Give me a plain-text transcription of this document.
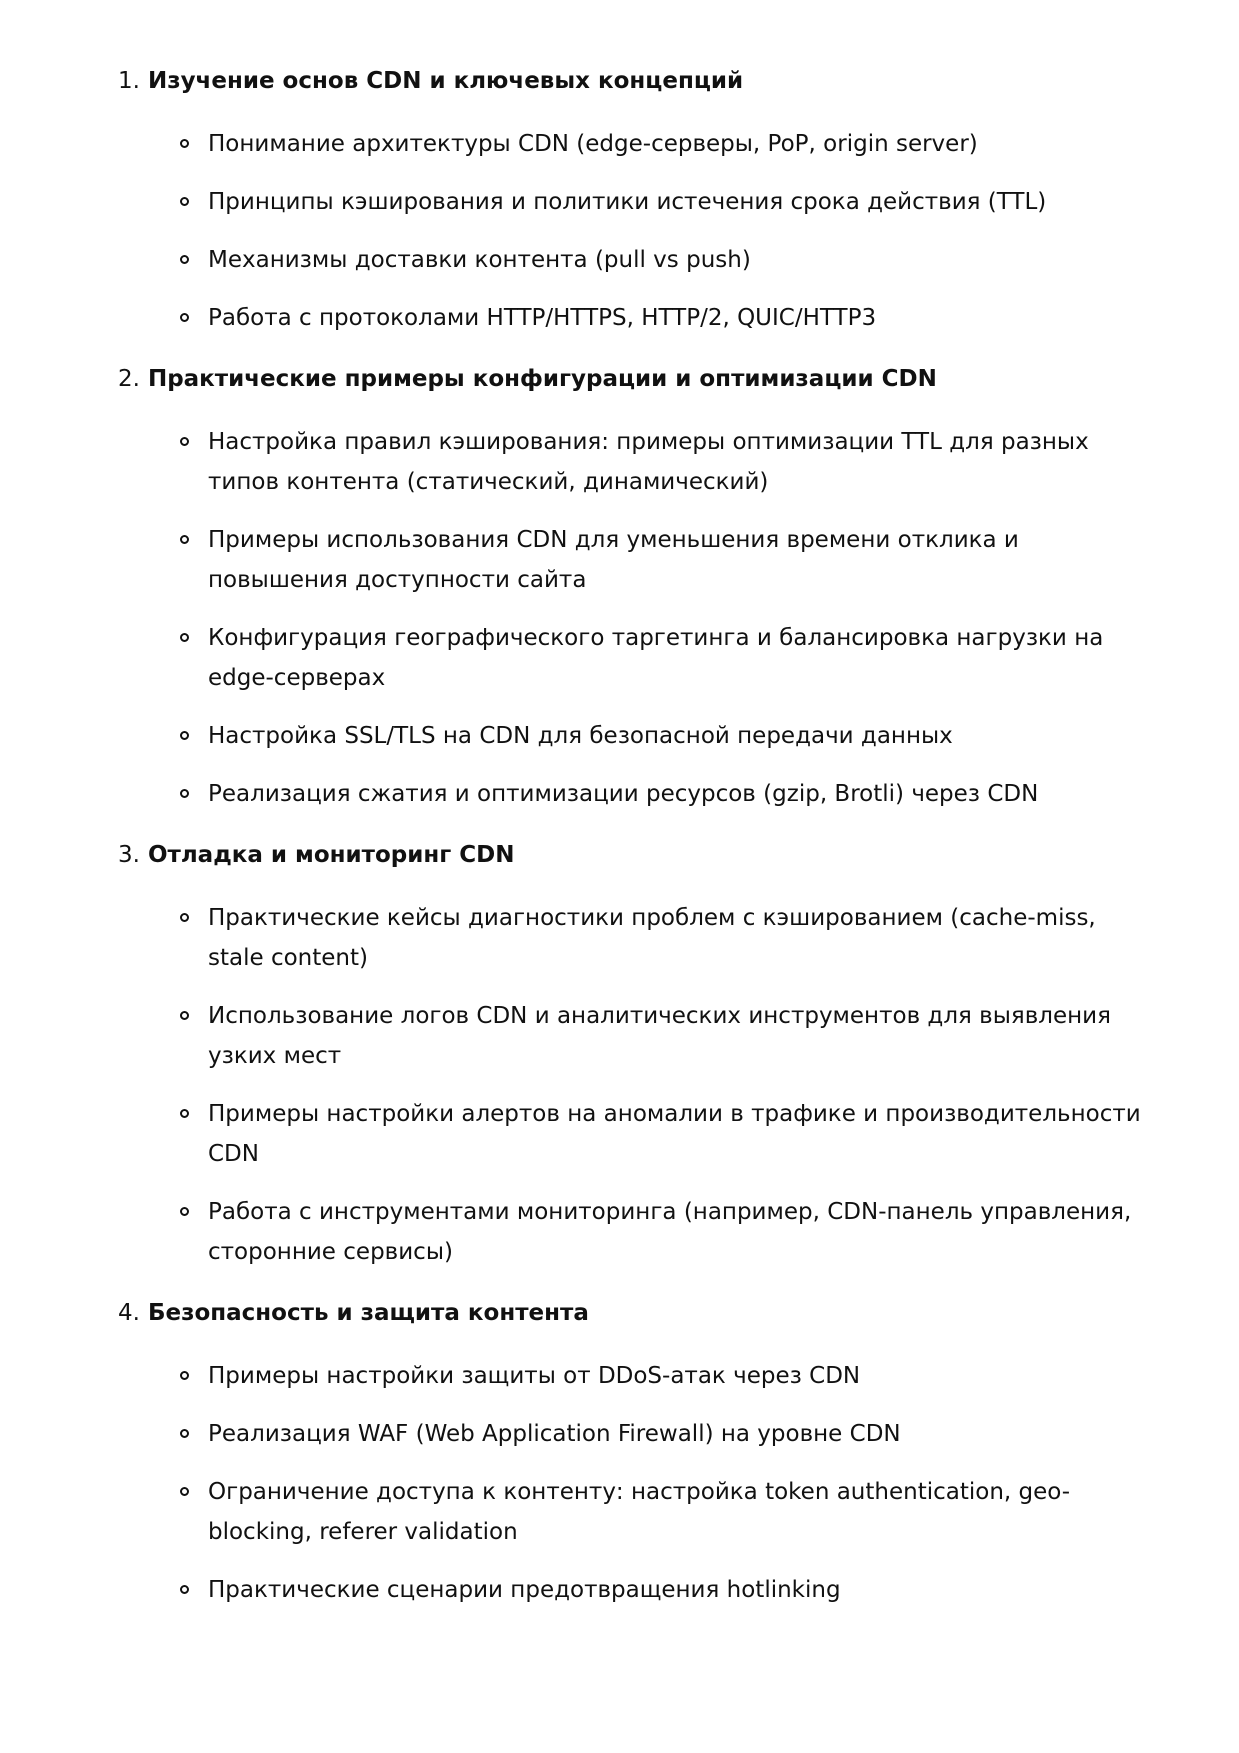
1. Изучение основ CDN и ключевых концепций
Понимание архитектуры CDN (edge-серверы, PoP, origin server)
Принципы кэширования и политики истечения срока действия (TTL)
Механизмы доставки контента (pull vs push)
Работа с протоколами HTTP/HTTPS, HTTP/2, QUIC/HTTP3
2. Практические примеры конфигурации и оптимизации CDN
Настройка правил кэширования: примеры оптимизации TTL для разных типов контента (статический, динамический)
Примеры использования CDN для уменьшения времени отклика и повышения доступности сайта
Конфигурация географического таргетинга и балансировка нагрузки на edge-серверах
Настройка SSL/TLS на CDN для безопасной передачи данных
Реализация сжатия и оптимизации ресурсов (gzip, Brotli) через CDN
3. Отладка и мониторинг CDN
Практические кейсы диагностики проблем с кэшированием (cache-miss, stale content)
Использование логов CDN и аналитических инструментов для выявления узких мест
Примеры настройки алертов на аномалии в трафике и производительности CDN
Работа с инструментами мониторинга (например, CDN-панель управления, сторонние сервисы)
4. Безопасность и защита контента
Примеры настройки защиты от DDoS-атак через CDN
Реализация WAF (Web Application Firewall) на уровне CDN
Ограничение доступа к контенту: настройка token authentication, geo-blocking, referer validation
Практические сценарии предотвращения hotlinking
